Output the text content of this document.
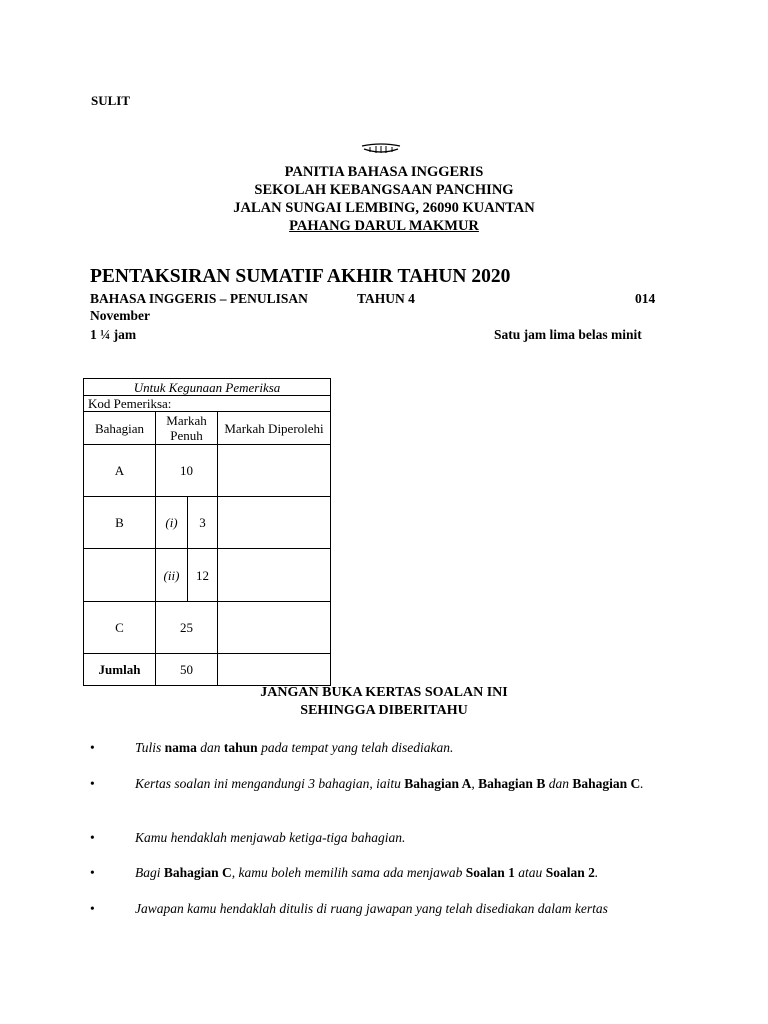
SULIT
PANITIA BAHASA INGGERIS
SEKOLAH KEBANGSAAN PANCHING
JALAN SUNGAI LEMBING, 26090 KUANTAN
PAHANG DARUL MAKMUR
PENTAKSIRAN SUMATIF AKHIR TAHUN 2020
BAHASA INGGERIS – PENULISAN	TAHUN 4	014
November
1 ¼ jam	Satu jam lima belas minit
Untuk Kegunaan Pemeriksa			
Kod Pemeriksa:			
Bahagian	Markah Penuh		Markah Diperolehi
A	10		
B	(i)	3	
	(ii)	12	
C	25		
Jumlah	50		
JANGAN BUKA KERTAS SOALAN INI
SEHINGGA DIBERITAHU
•	Tulis nama dan tahun pada tempat yang telah disediakan.
•	Kertas soalan ini mengandungi 3 bahagian, iaitu Bahagian A, Bahagian B dan Bahagian C.
•	Kamu hendaklah menjawab ketiga-tiga bahagian.
•	Bagi Bahagian C, kamu boleh memilih sama ada menjawab Soalan 1 atau Soalan 2.
•	Jawapan kamu hendaklah ditulis di ruang jawapan yang telah disediakan dalam kertas
